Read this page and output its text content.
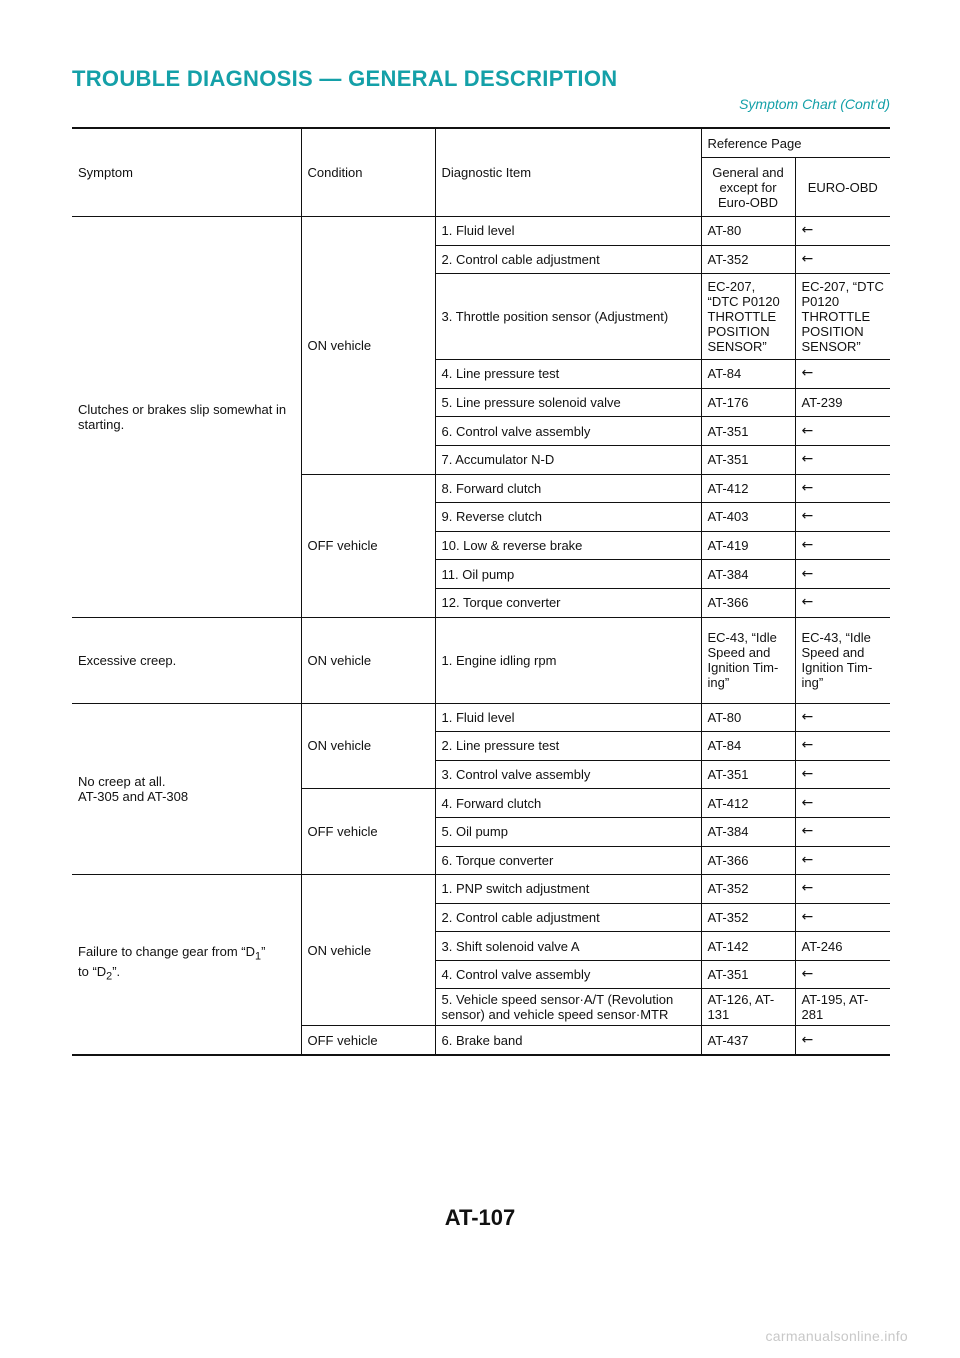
TROUBLE DIAGNOSIS — GENERAL DESCRIPTION
Symptom Chart (Cont’d)
Symptom	Condition	Diagnostic Item	Reference Page	
			General and except for Euro-OBD	EURO-OBD
Clutches or brakes slip somewhat in starting.	ON vehicle	1. Fluid level	AT-80	←
		2. Control cable adjustment	AT-352	←
		3. Throttle position sensor (Adjustment)	EC-207, “DTC P0120 THROTTLE POSITION SENSOR”	EC-207, “DTC P0120 THROTTLE POSITION SENSOR”
		4. Line pressure test	AT-84	←
		5. Line pressure solenoid valve	AT-176	AT-239
		6. Control valve assembly	AT-351	←
		7. Accumulator N-D	AT-351	←
	OFF vehicle	8. Forward clutch	AT-412	←
		9. Reverse clutch	AT-403	←
		10. Low & reverse brake	AT-419	←
		11. Oil pump	AT-384	←
		12. Torque converter	AT-366	←
Excessive creep.	ON vehicle	1. Engine idling rpm	EC-43, “Idle Speed and Ignition Tim-ing”	EC-43, “Idle Speed and Ignition Tim-ing”
No creep at all.
AT-305 and AT-308	ON vehicle	1. Fluid level	AT-80	←
		2. Line pressure test	AT-84	←
		3. Control valve assembly	AT-351	←
	OFF vehicle	4. Forward clutch	AT-412	←
		5. Oil pump	AT-384	←
		6. Torque converter	AT-366	←
Failure to change gear from “$D_1$”
to “$D_2$”.	ON vehicle	1. PNP switch adjustment	AT-352	←
		2. Control cable adjustment	AT-352	←
		3. Shift solenoid valve A	AT-142	AT-246
		4. Control valve assembly	AT-351	←
		5. Vehicle speed sensor·A/T (Revolution sensor) and vehicle speed sensor·MTR	AT-126, AT-131	AT-195, AT-281
	OFF vehicle	6. Brake band	AT-437	←
AT-107
carmanualsonline.info
